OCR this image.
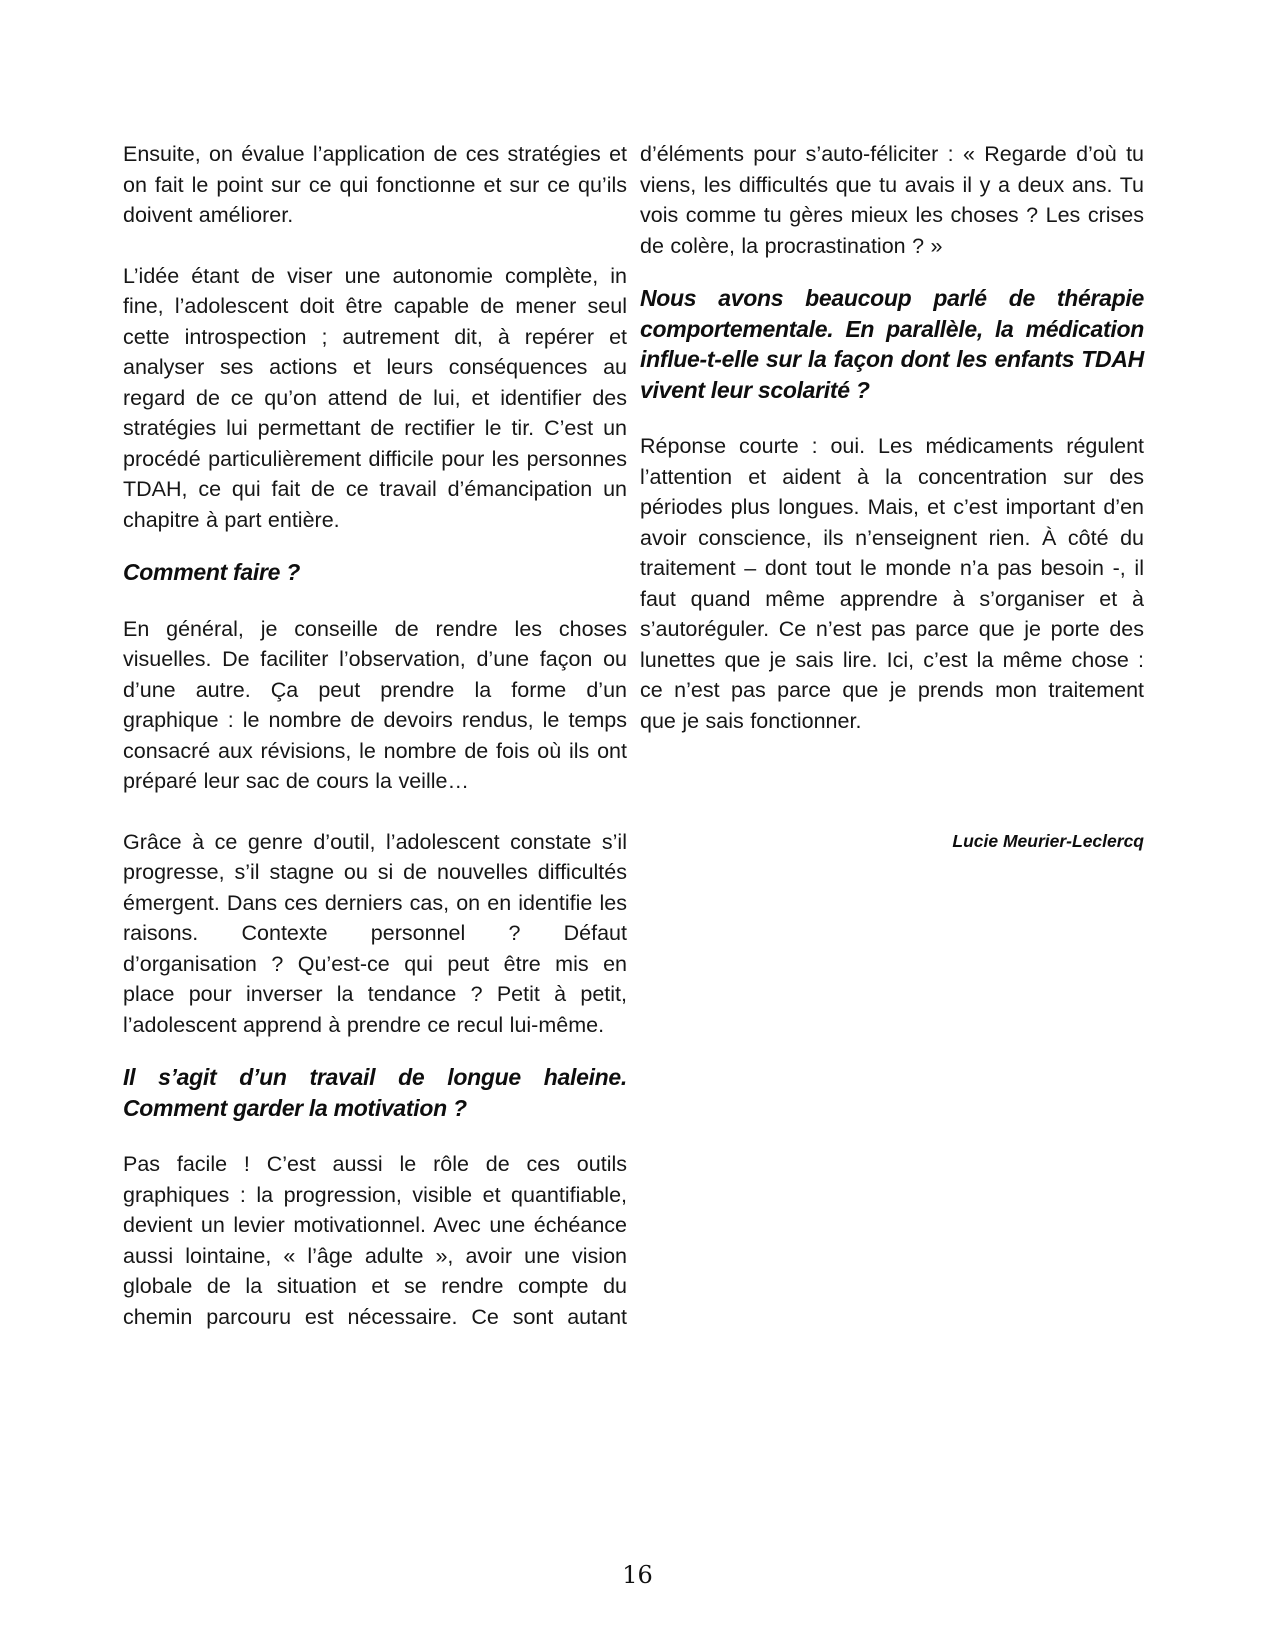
Ensuite, on évalue l’application de ces stratégies et on fait le point sur ce qui fonctionne et sur ce qu’ils doivent améliorer.
L’idée étant de viser une autonomie complète, in fine, l’adolescent doit être capable de mener seul cette introspection ; autrement dit, à repérer et analyser ses actions et leurs conséquences au regard de ce qu’on attend de lui, et identifier des stratégies lui permettant de rectifier le tir. C’est un procédé particulièrement difficile pour les personnes TDAH, ce qui fait de ce travail d’émancipation un chapitre à part entière.
Comment faire ?
En général, je conseille de rendre les choses visuelles. De faciliter l’observation, d’une façon ou d’une autre. Ça peut prendre la forme d’un graphique : le nombre de devoirs rendus, le temps consacré aux révisions, le nombre de fois où ils ont préparé leur sac de cours la veille…
Grâce à ce genre d’outil, l’adolescent constate s’il progresse, s’il stagne ou si de nouvelles difficultés émergent. Dans ces derniers cas, on en identifie les raisons. Contexte personnel ? Défaut d’organisation ? Qu’est-ce qui peut être mis en place pour inverser la tendance ? Petit à petit, l’adolescent apprend à prendre ce recul lui-même.
Il s’agit d’un travail de longue haleine. Comment garder la motivation ?
Pas facile ! C’est aussi le rôle de ces outils graphiques : la progression, visible et quantifiable, devient un levier motivationnel. Avec une échéance aussi lointaine, « l’âge adulte », avoir une vision globale de la situation et se rendre compte du chemin parcouru est nécessaire. Ce sont autant
d’éléments pour s’auto-féliciter : « Regarde d’où tu viens, les difficultés que tu avais il y a deux ans. Tu vois comme tu gères mieux les choses ? Les crises de colère, la procrastination ? »
Nous avons beaucoup parlé de thérapie comportementale. En parallèle, la médication influe-t-elle sur la façon dont les enfants TDAH vivent leur scolarité ?
Réponse courte : oui. Les médicaments régulent l’attention et aident à la concentration sur des périodes plus longues. Mais, et c’est important d’en avoir conscience, ils n’enseignent rien. À côté du traitement – dont tout le monde n’a pas besoin -, il faut quand même apprendre à s’organiser et à s’autoréguler. Ce n’est pas parce que je porte des lunettes que je sais lire. Ici, c’est la même chose : ce n’est pas parce que je prends mon traitement que je sais fonctionner.
Lucie Meurier-Leclercq
16
